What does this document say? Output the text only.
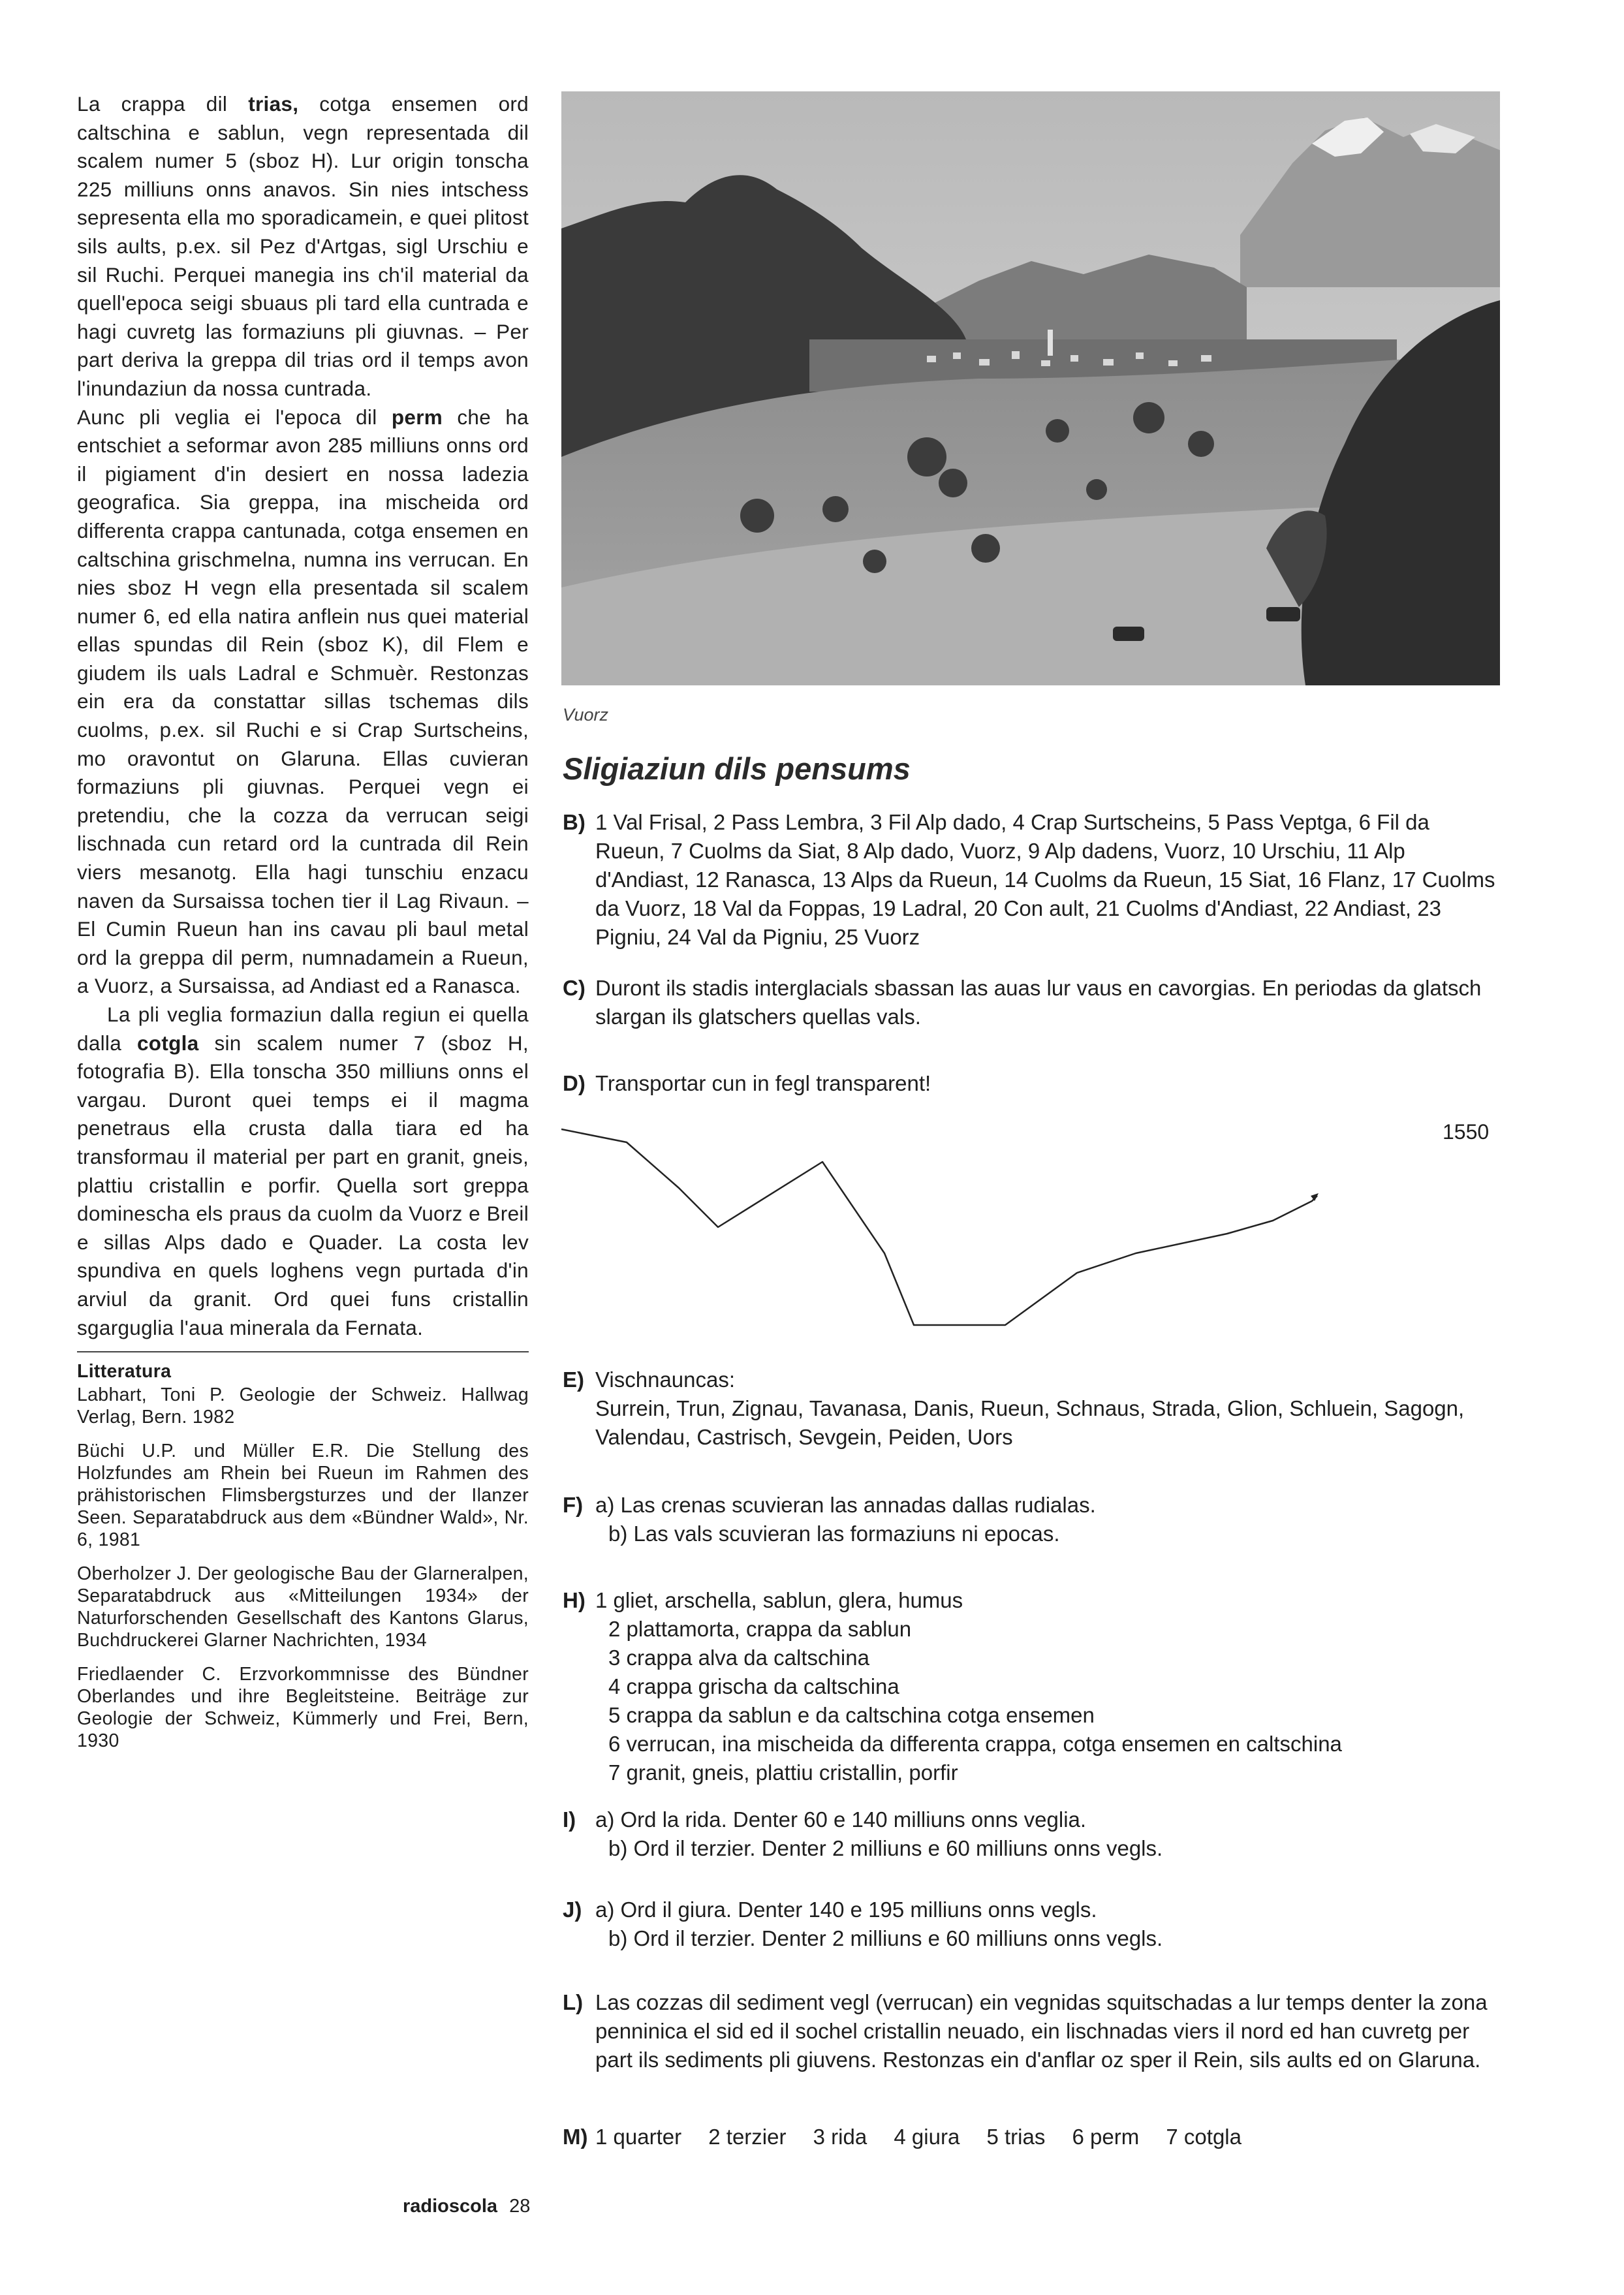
La crappa dil trias, cotga ensemen ord caltschina e sablun, vegn representada dil scalem numer 5 (sboz H). Lur origin tonscha 225 milliuns onns anavos. Sin nies intschess sepresenta ella mo sporadicamein, e quei plitost sils aults, p.ex. sil Pez d'Artgas, sigl Urschiu e sil Ruchi. Perquei manegia ins ch'il material da quell'epoca seigi sbuaus pli tard ella cuntrada e hagi cuvretg las formaziuns pli giuvnas. – Per part deriva la greppa dil trias ord il temps avon l'inundaziun da nossa cuntrada.

Aunc pli veglia ei l'epoca dil perm che ha entschiet a seformar avon 285 milliuns onns ord il pigiament d'in desiert en nossa ladezia geografica. Sia greppa, ina mischeida ord differenta crappa cantunada, cotga ensemen en caltschina grischmelna, numna ins verrucan. En nies sboz H vegn ella presentada sil scalem numer 6, ed ella natira anflein nus quei material ellas spundas dil Rein (sboz K), dil Flem e giudem ils uals Ladral e Schmuèr. Restonzas ein era da constattar sillas tschemas dils cuolms, p.ex. sil Ruchi e si Crap Surtscheins, mo oravontut on Glaruna. Ellas cuvieran formaziuns pli giuvnas. Perquei vegn ei pretendiu, che la cozza da verrucan seigi lischnada cun retard ord la cuntrada dil Rein viers mesanotg. Ella hagi tunschiu enzacu naven da Sursaissa tochen tier il Lag Rivaun. – El Cumin Rueun han ins cavau pli baul metal ord la greppa dil perm, numnadamein a Rueun, a Vuorz, a Sursaissa, ad Andiast ed a Ranasca.

La pli veglia formaziun dalla regiun ei quella dalla cotgla sin scalem numer 7 (sboz H, fotografia B). Ella tonscha 350 milliuns onns el vargau. Duront quei temps ei il magma penetraus ella crusta dalla tiara ed ha transformau il material per part en granit, gneis, plattiu cristallin e porfir. Quella sort greppa dominescha els praus da cuolm da Vuorz e Breil e sillas Alps dado e Quader. La costa lev spundiva en quels loghens vegn purtada d'in arviul da granit. Ord quei funs cristallin sgarguglia l'aua minerala da Fernata.

Litteratura
Labhart, Toni P. Geologie der Schweiz. Hallwag Verlag, Bern. 1982
Büchi U.P. und Müller E.R. Die Stellung des Holzfundes am Rhein bei Rueun im Rahmen des prähistorischen Flimsbergsturzes und der Ilanzer Seen. Separatabdruck aus dem «Bündner Wald», Nr. 6, 1981
Oberholzer J. Der geologische Bau der Glarneralpen, Separatabdruck aus «Mitteilungen 1934» der Naturforschenden Gesellschaft des Kantons Glarus, Buchdruckerei Glarner Nachrichten, 1934
Friedlaender C. Erzvorkommnisse des Bündner Oberlandes und ihre Begleitsteine. Beiträge zur Geologie der Schweiz, Kümmerly und Frei, Bern, 1930
radioscola 28
Vuorz
Sligiaziun dils pensums
B) 1 Val Frisal, 2 Pass Lembra, 3 Fil Alp dado, 4 Crap Surtscheins, 5 Pass Veptga, 6 Fil da Rueun, 7 Cuolms da Siat, 8 Alp dado, Vuorz, 9 Alp dadens, Vuorz, 10 Urschiu, 11 Alp d'Andiast, 12 Ranasca, 13 Alps da Rueun, 14 Cuolms da Rueun, 15 Siat, 16 Flanz, 17 Cuolms da Vuorz, 18 Val da Foppas, 19 Ladral, 20 Con ault, 21 Cuolms d'Andiast, 22 Andiast, 23 Pigniu, 24 Val da Pigniu, 25 Vuorz
C) Duront ils stadis interglacials sbassan las auas lur vaus en cavorgias. En periodas da glatsch slargan ils glatschers quellas vals.
D) Transportar cun in fegl transparent!
E) Vischnauncas:
Surrein, Trun, Zignau, Tavanasa, Danis, Rueun, Schnaus, Strada, Glion, Schluein, Sagogn, Valendau, Castrisch, Sevgein, Peiden, Uors
F) a) Las crenas scuvieran las annadas dallas rudialas.
b) Las vals scuvieran las formaziuns ni epocas.
H) 1 gliet, arschella, sablun, glera, humus
2 plattamorta, crappa da sablun
3 crappa alva da caltschina
4 crappa grischa da caltschina
5 crappa da sablun e da caltschina cotga ensemen
6 verrucan, ina mischeida da differenta crappa, cotga ensemen en caltschina
7 granit, gneis, plattiu cristallin, porfir
I) a) Ord la rida. Denter 60 e 140 milliuns onns veglia.
b) Ord il terzier. Denter 2 milliuns e 60 milliuns onns vegls.
J) a) Ord il giura. Denter 140 e 195 milliuns onns vegls.
b) Ord il terzier. Denter 2 milliuns e 60 milliuns onns vegls.
L) Las cozzas dil sediment vegl (verrucan) ein vegnidas squitschadas a lur temps denter la zona penninica el sid ed il sochel cristallin neuado, ein lischnadas viers il nord ed han cuvretg per part ils sediments pli giuvens. Restonzas ein d'anflar oz sper il Rein, sils aults ed on Glaruna.
M) 1 quarter 2 terzier 3 rida 4 giura 5 trias 6 perm 7 cotgla
1550
